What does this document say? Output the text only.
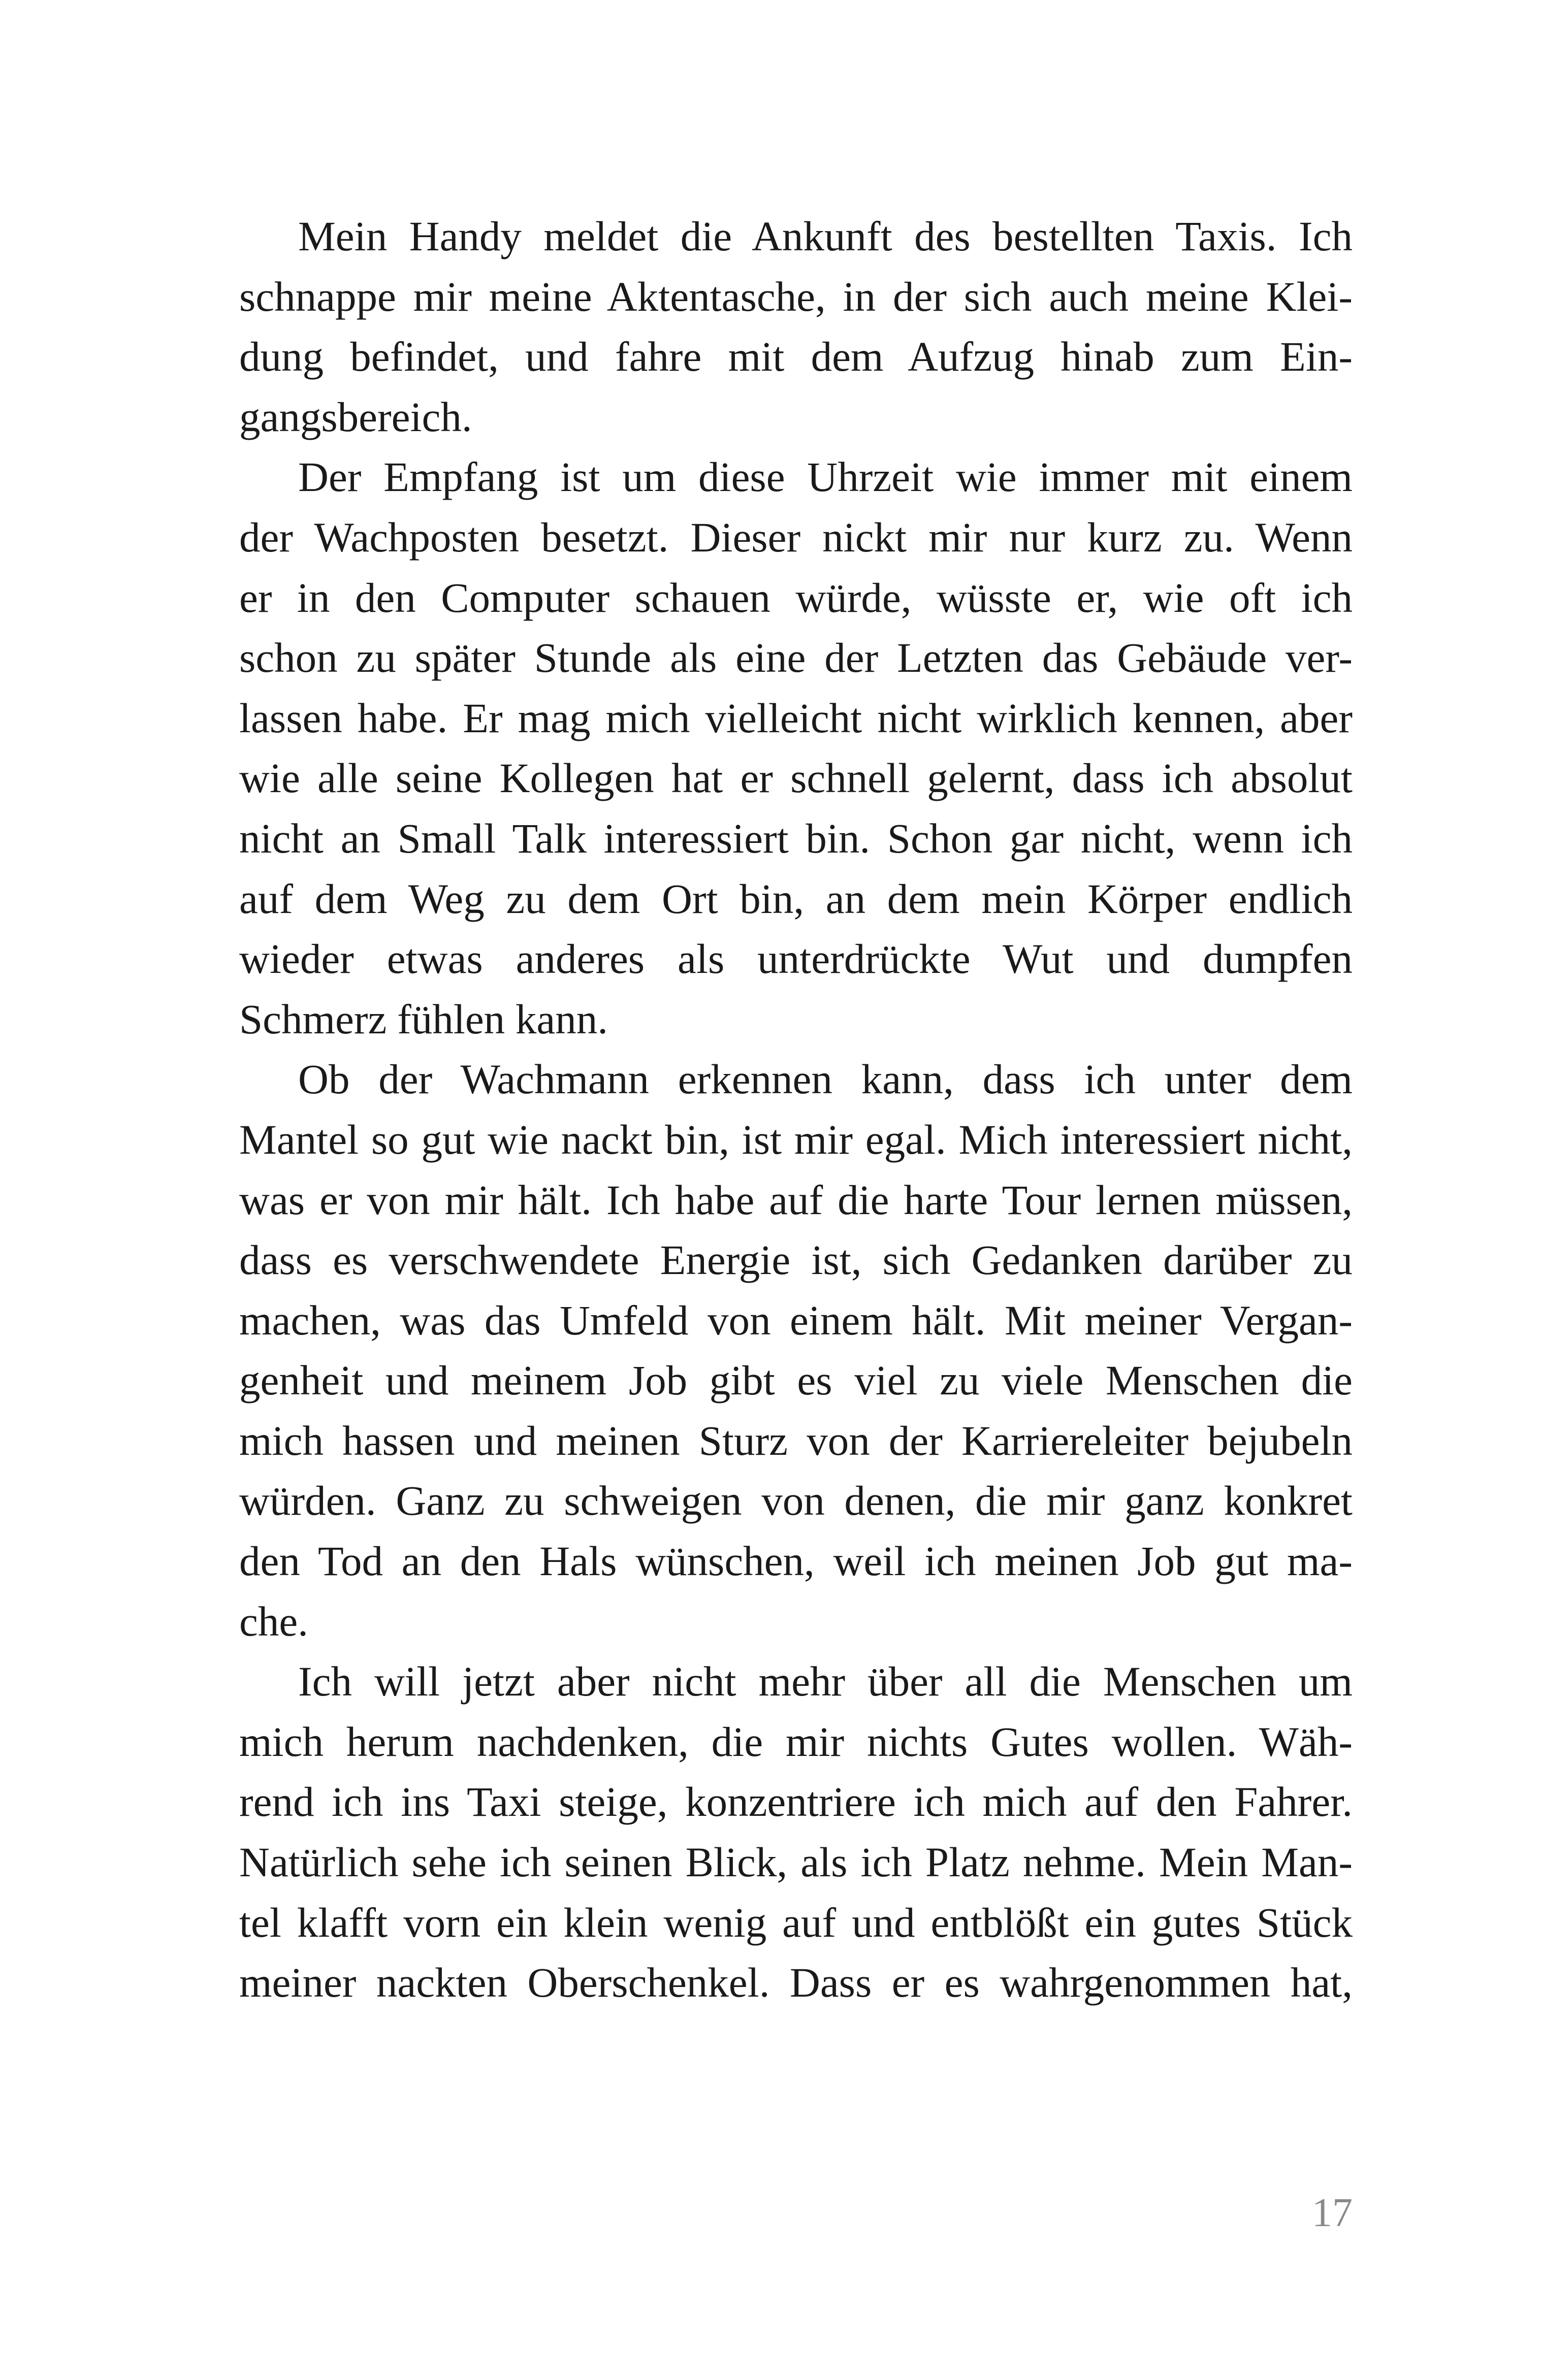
Mein Handy meldet die Ankunft des bestellten Taxis. Ich
schnappe mir meine Aktentasche, in der sich auch meine Klei-
dung befindet, und fahre mit dem Aufzug hinab zum Ein-
gangsbereich.
Der Empfang ist um diese Uhrzeit wie immer mit einem
der Wachposten besetzt. Dieser nickt mir nur kurz zu. Wenn
er in den Computer schauen würde, wüsste er, wie oft ich
schon zu später Stunde als eine der Letzten das Gebäude ver-
lassen habe. Er mag mich vielleicht nicht wirklich kennen, aber
wie alle seine Kollegen hat er schnell gelernt, dass ich absolut
nicht an Small Talk interessiert bin. Schon gar nicht, wenn ich
auf dem Weg zu dem Ort bin, an dem mein Körper endlich
wieder etwas anderes als unterdrückte Wut und dumpfen
Schmerz fühlen kann.
Ob der Wachmann erkennen kann, dass ich unter dem
Mantel so gut wie nackt bin, ist mir egal. Mich interessiert nicht,
was er von mir hält. Ich habe auf die harte Tour lernen müssen,
dass es verschwendete Energie ist, sich Gedanken darüber zu
machen, was das Umfeld von einem hält. Mit meiner Vergan-
genheit und meinem Job gibt es viel zu viele Menschen die
mich hassen und meinen Sturz von der Karriereleiter bejubeln
würden. Ganz zu schweigen von denen, die mir ganz konkret
den Tod an den Hals wünschen, weil ich meinen Job gut ma-
che.
Ich will jetzt aber nicht mehr über all die Menschen um
mich herum nachdenken, die mir nichts Gutes wollen. Wäh-
rend ich ins Taxi steige, konzentriere ich mich auf den Fahrer.
Natürlich sehe ich seinen Blick, als ich Platz nehme. Mein Man-
tel klafft vorn ein klein wenig auf und entblößt ein gutes Stück
meiner nackten Oberschenkel. Dass er es wahrgenommen hat,
17
